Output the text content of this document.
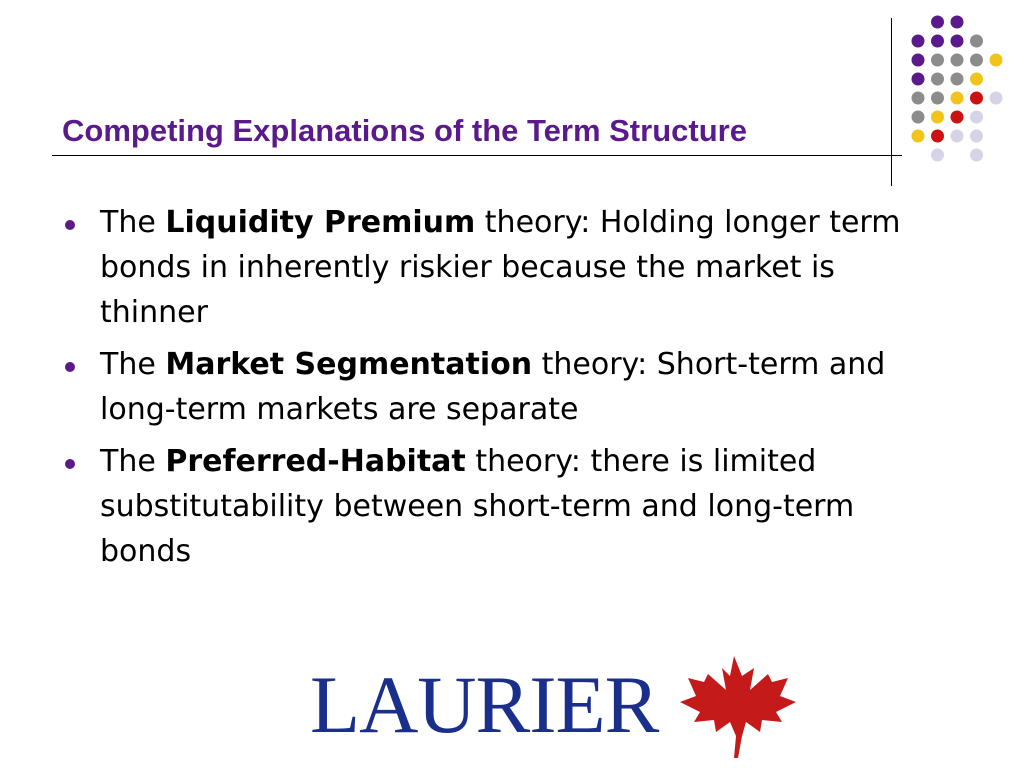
Competing Explanations of the Term Structure
The Liquidity Premium theory: Holding longer term bonds in inherently riskier because the market is thinner
The Market Segmentation theory: Short-term and long-term markets are separate
The Preferred-Habitat theory: there is limited substitutability between short-term and long-term bonds
LAURIER
